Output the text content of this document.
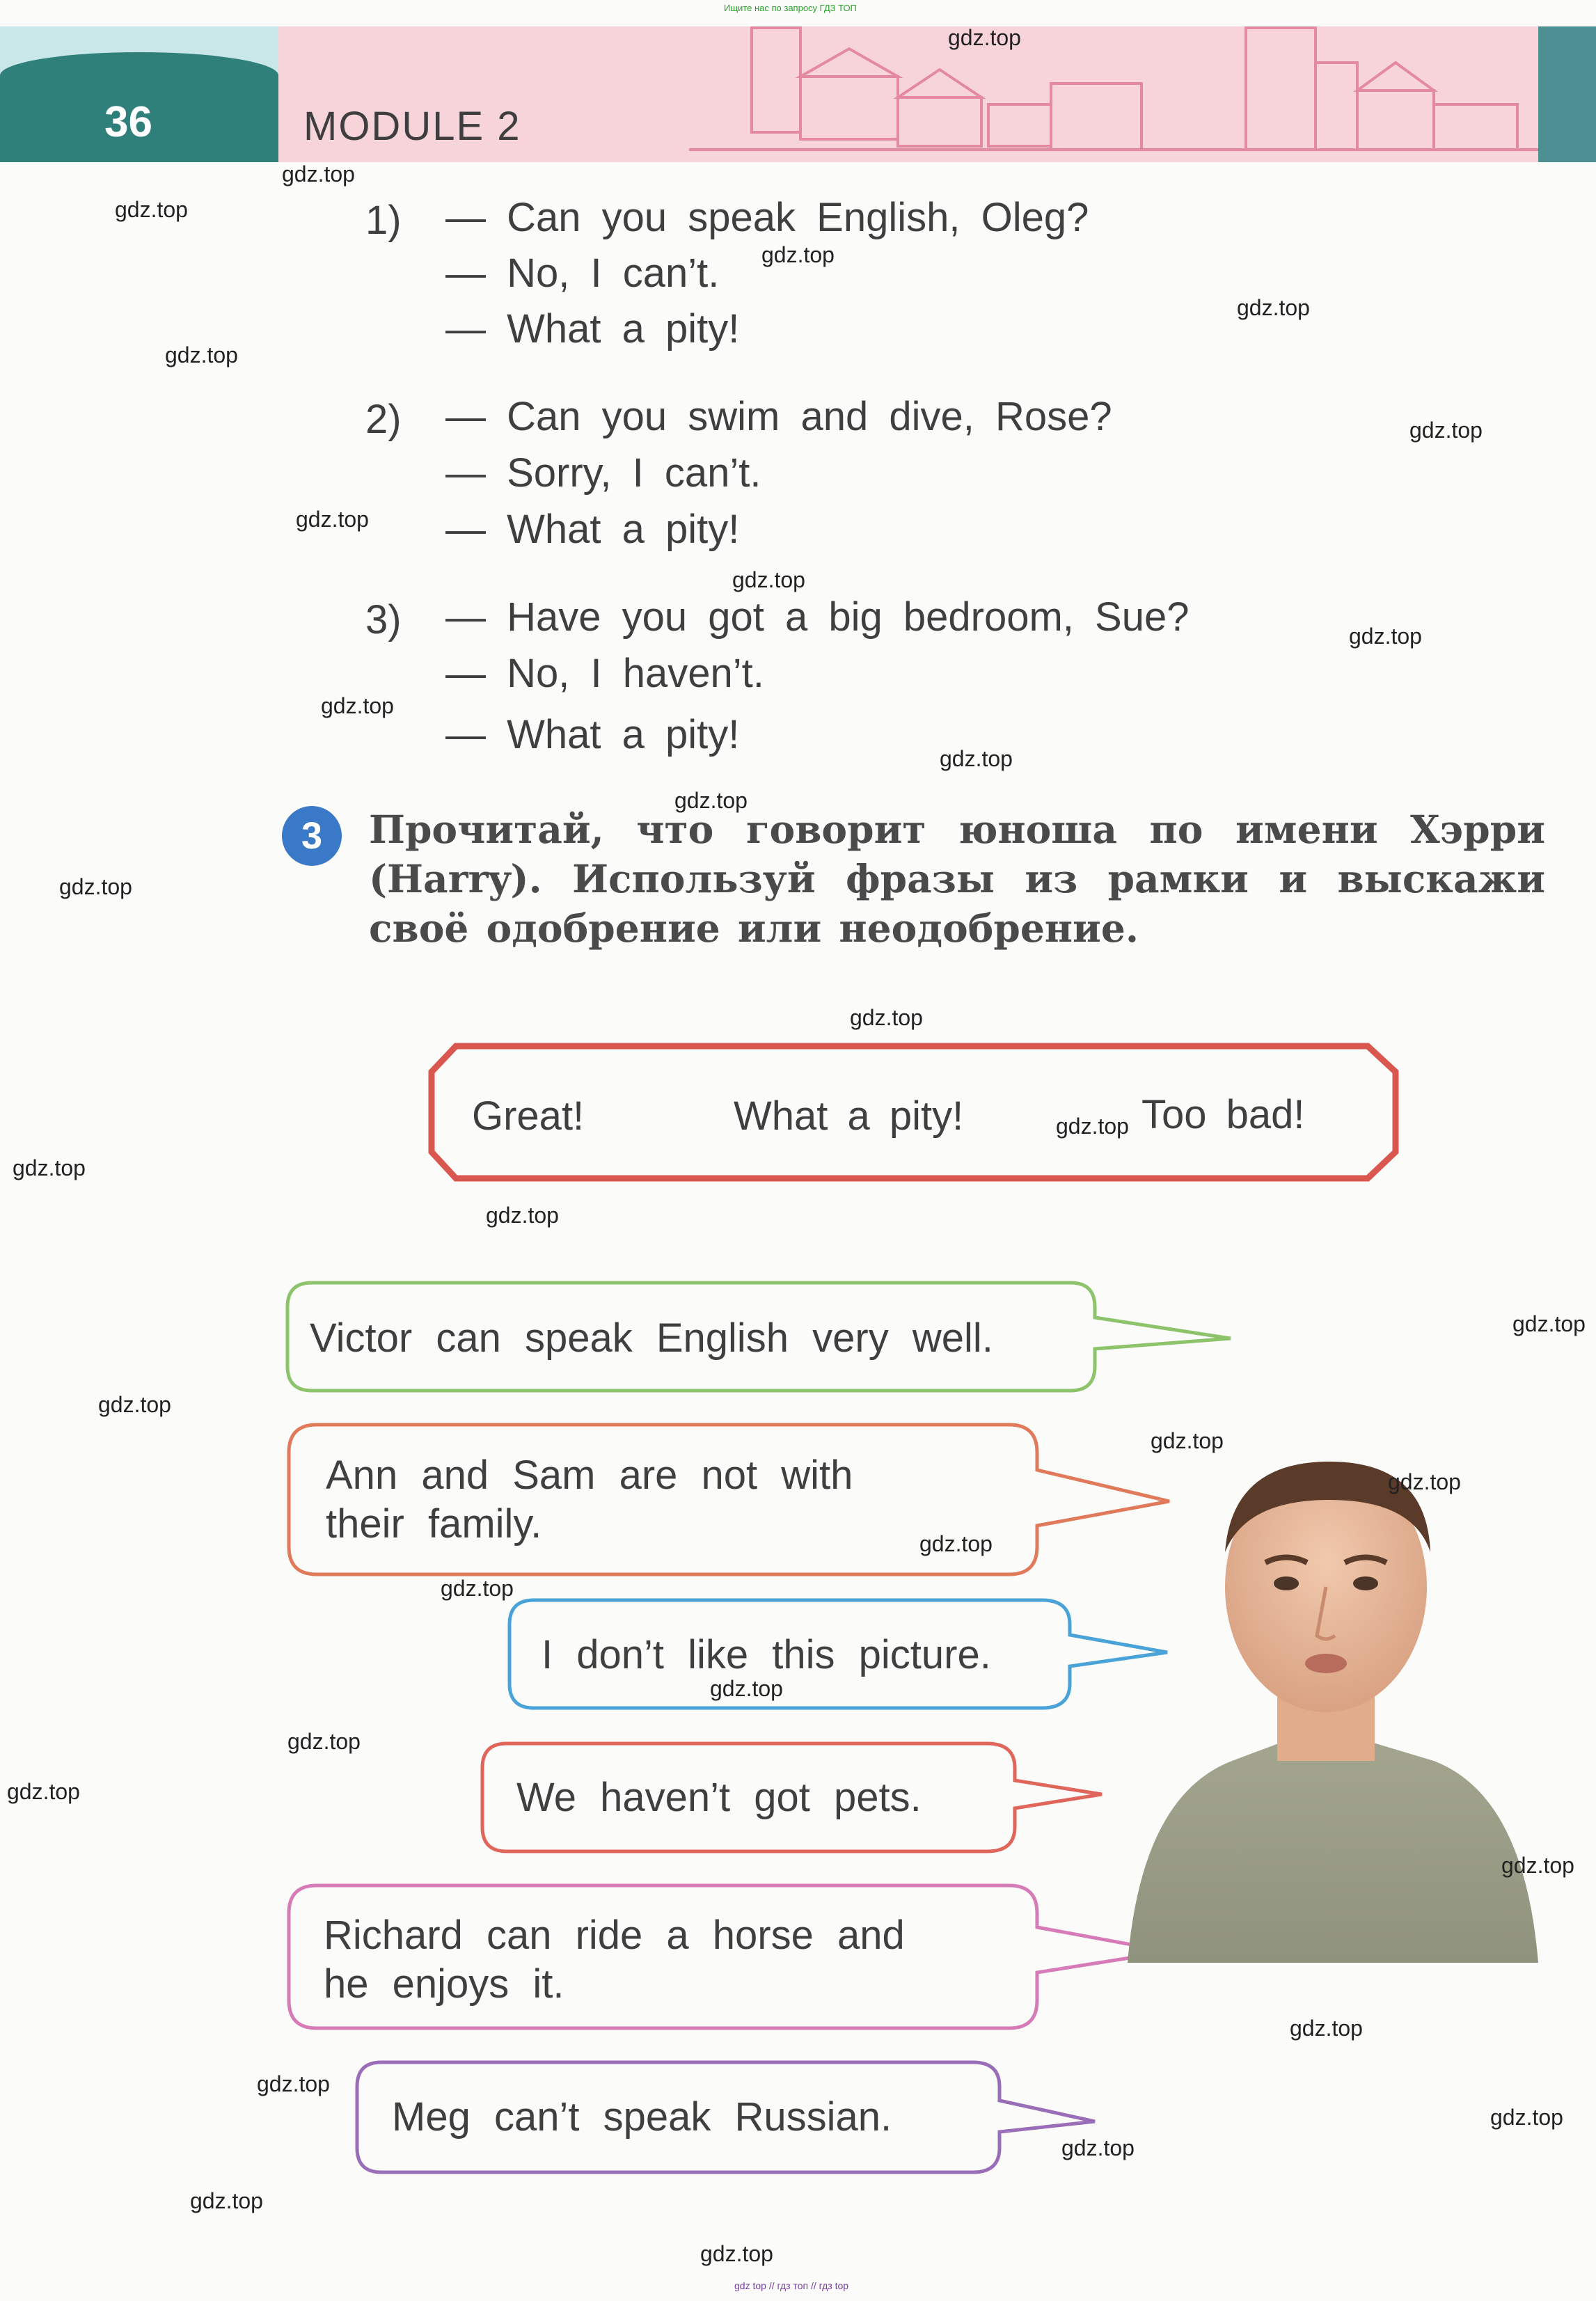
Ищите нас по запросу ГДЗ ТОП
36	MODULE 2
1) — Can you speak English, Oleg?
— No, I can’t.
— What a pity!
2) — Can you swim and dive, Rose?
— Sorry, I can’t.
— What a pity!
3) — Have you got a big bedroom, Sue?
— No, I haven’t.
— What a pity!
3	Прочитай, что говорит юноша по имени Хэрри (Harry). Используй фразы из рамки и выскажи своё одобрение или неодобрение.
Great!	What a pity!	Too bad!
Victor can speak English very well.
Ann and Sam are not with
their family.
I don’t like this picture.
We haven’t got pets.
Richard can ride a horse and
he enjoys it.
Meg can’t speak Russian.
gdz.top
gdz.top
gdz.top
gdz.top
gdz.top
gdz.top
gdz.top
gdz.top
gdz.top
gdz.top
gdz.top
gdz.top
gdz.top
gdz.top
gdz.top
gdz.top
gdz.top
gdz.top
gdz.top
gdz.top
gdz.top
gdz.top
gdz.top
gdz.top
gdz.top
gdz.top
gdz.top
gdz.top
gdz.top
gdz.top
gdz.top
gdz.top
gdz.top
gdz.top
gdz top // гдз топ // гдз top
